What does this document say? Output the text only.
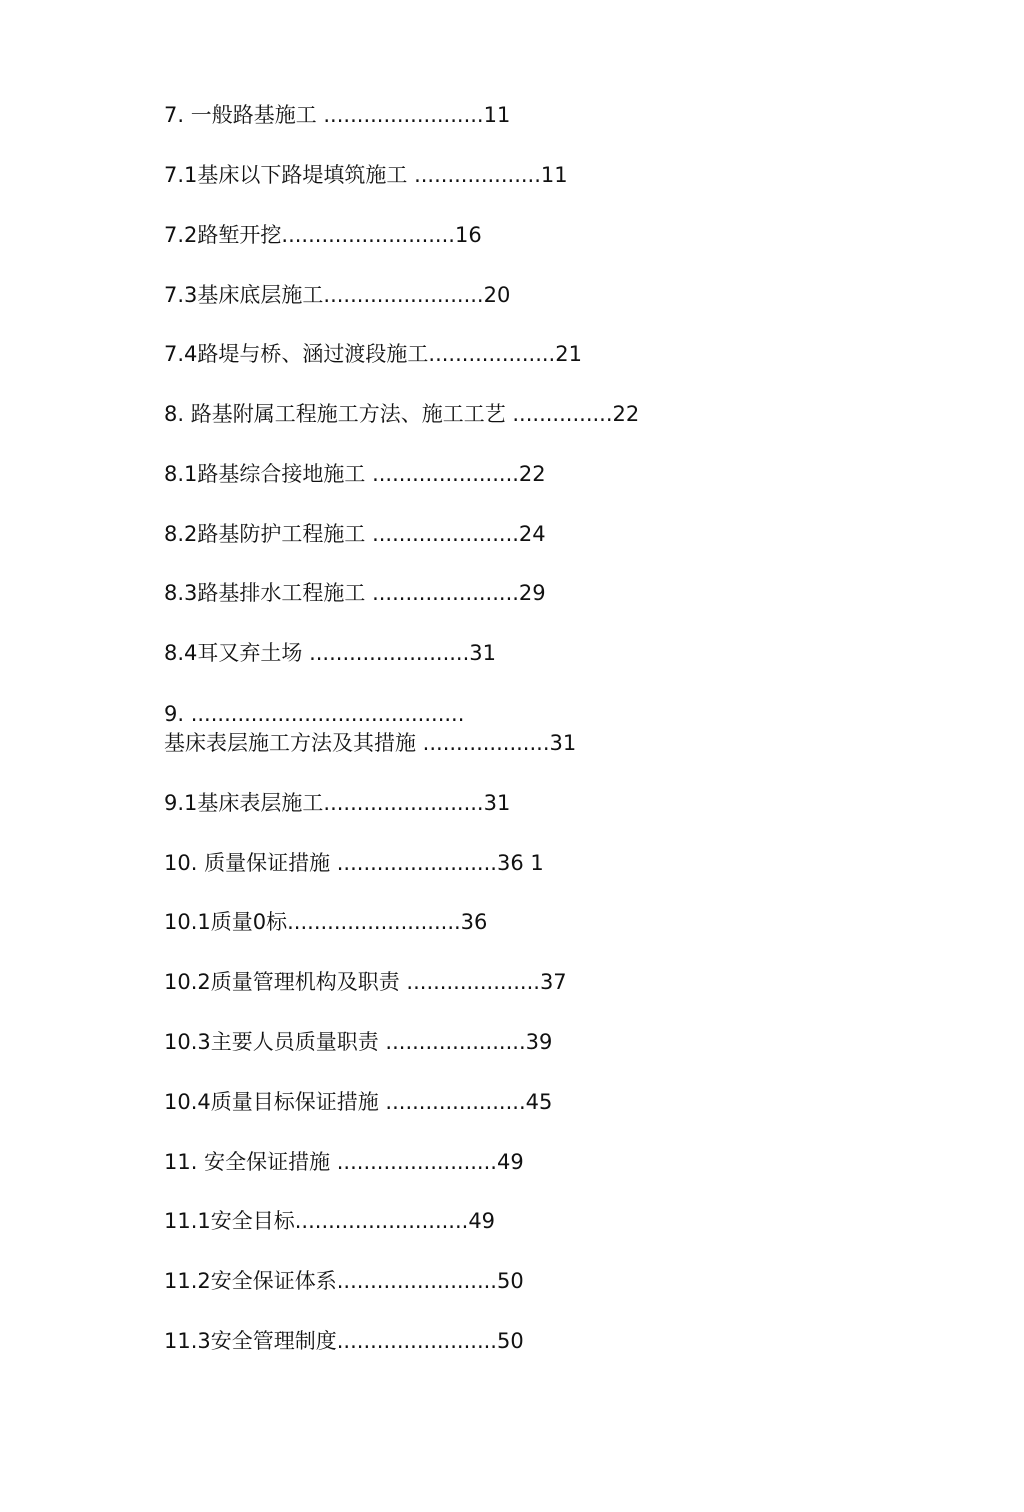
7. 一般路基施工 ........................11
7.1基床以下路堤填筑施工 ...................11
7.2路堑开挖..........................16
7.3基床底层施工........................20
7.4路堤与桥、涵过渡段施工...................21
8. 路基附属工程施工方法、施工工艺 ...............22
8.1路基综合接地施工 ......................22
8.2路基防护工程施工 ......................24
8.3路基排水工程施工 ......................29
8.4耳又弃土场 ........................31
9. .........................................
基床表层施工方法及其措施 ...................31
9.1基床表层施工........................31
10. 质量保证措施 ........................36 1
10.1质量0标..........................36
10.2质量管理机构及职责 ....................37
10.3主要人员质量职责 .....................39
10.4质量目标保证措施 .....................45
11. 安全保证措施 ........................49
11.1安全目标..........................49
11.2安全保证体系........................50
11.3安全管理制度........................50
